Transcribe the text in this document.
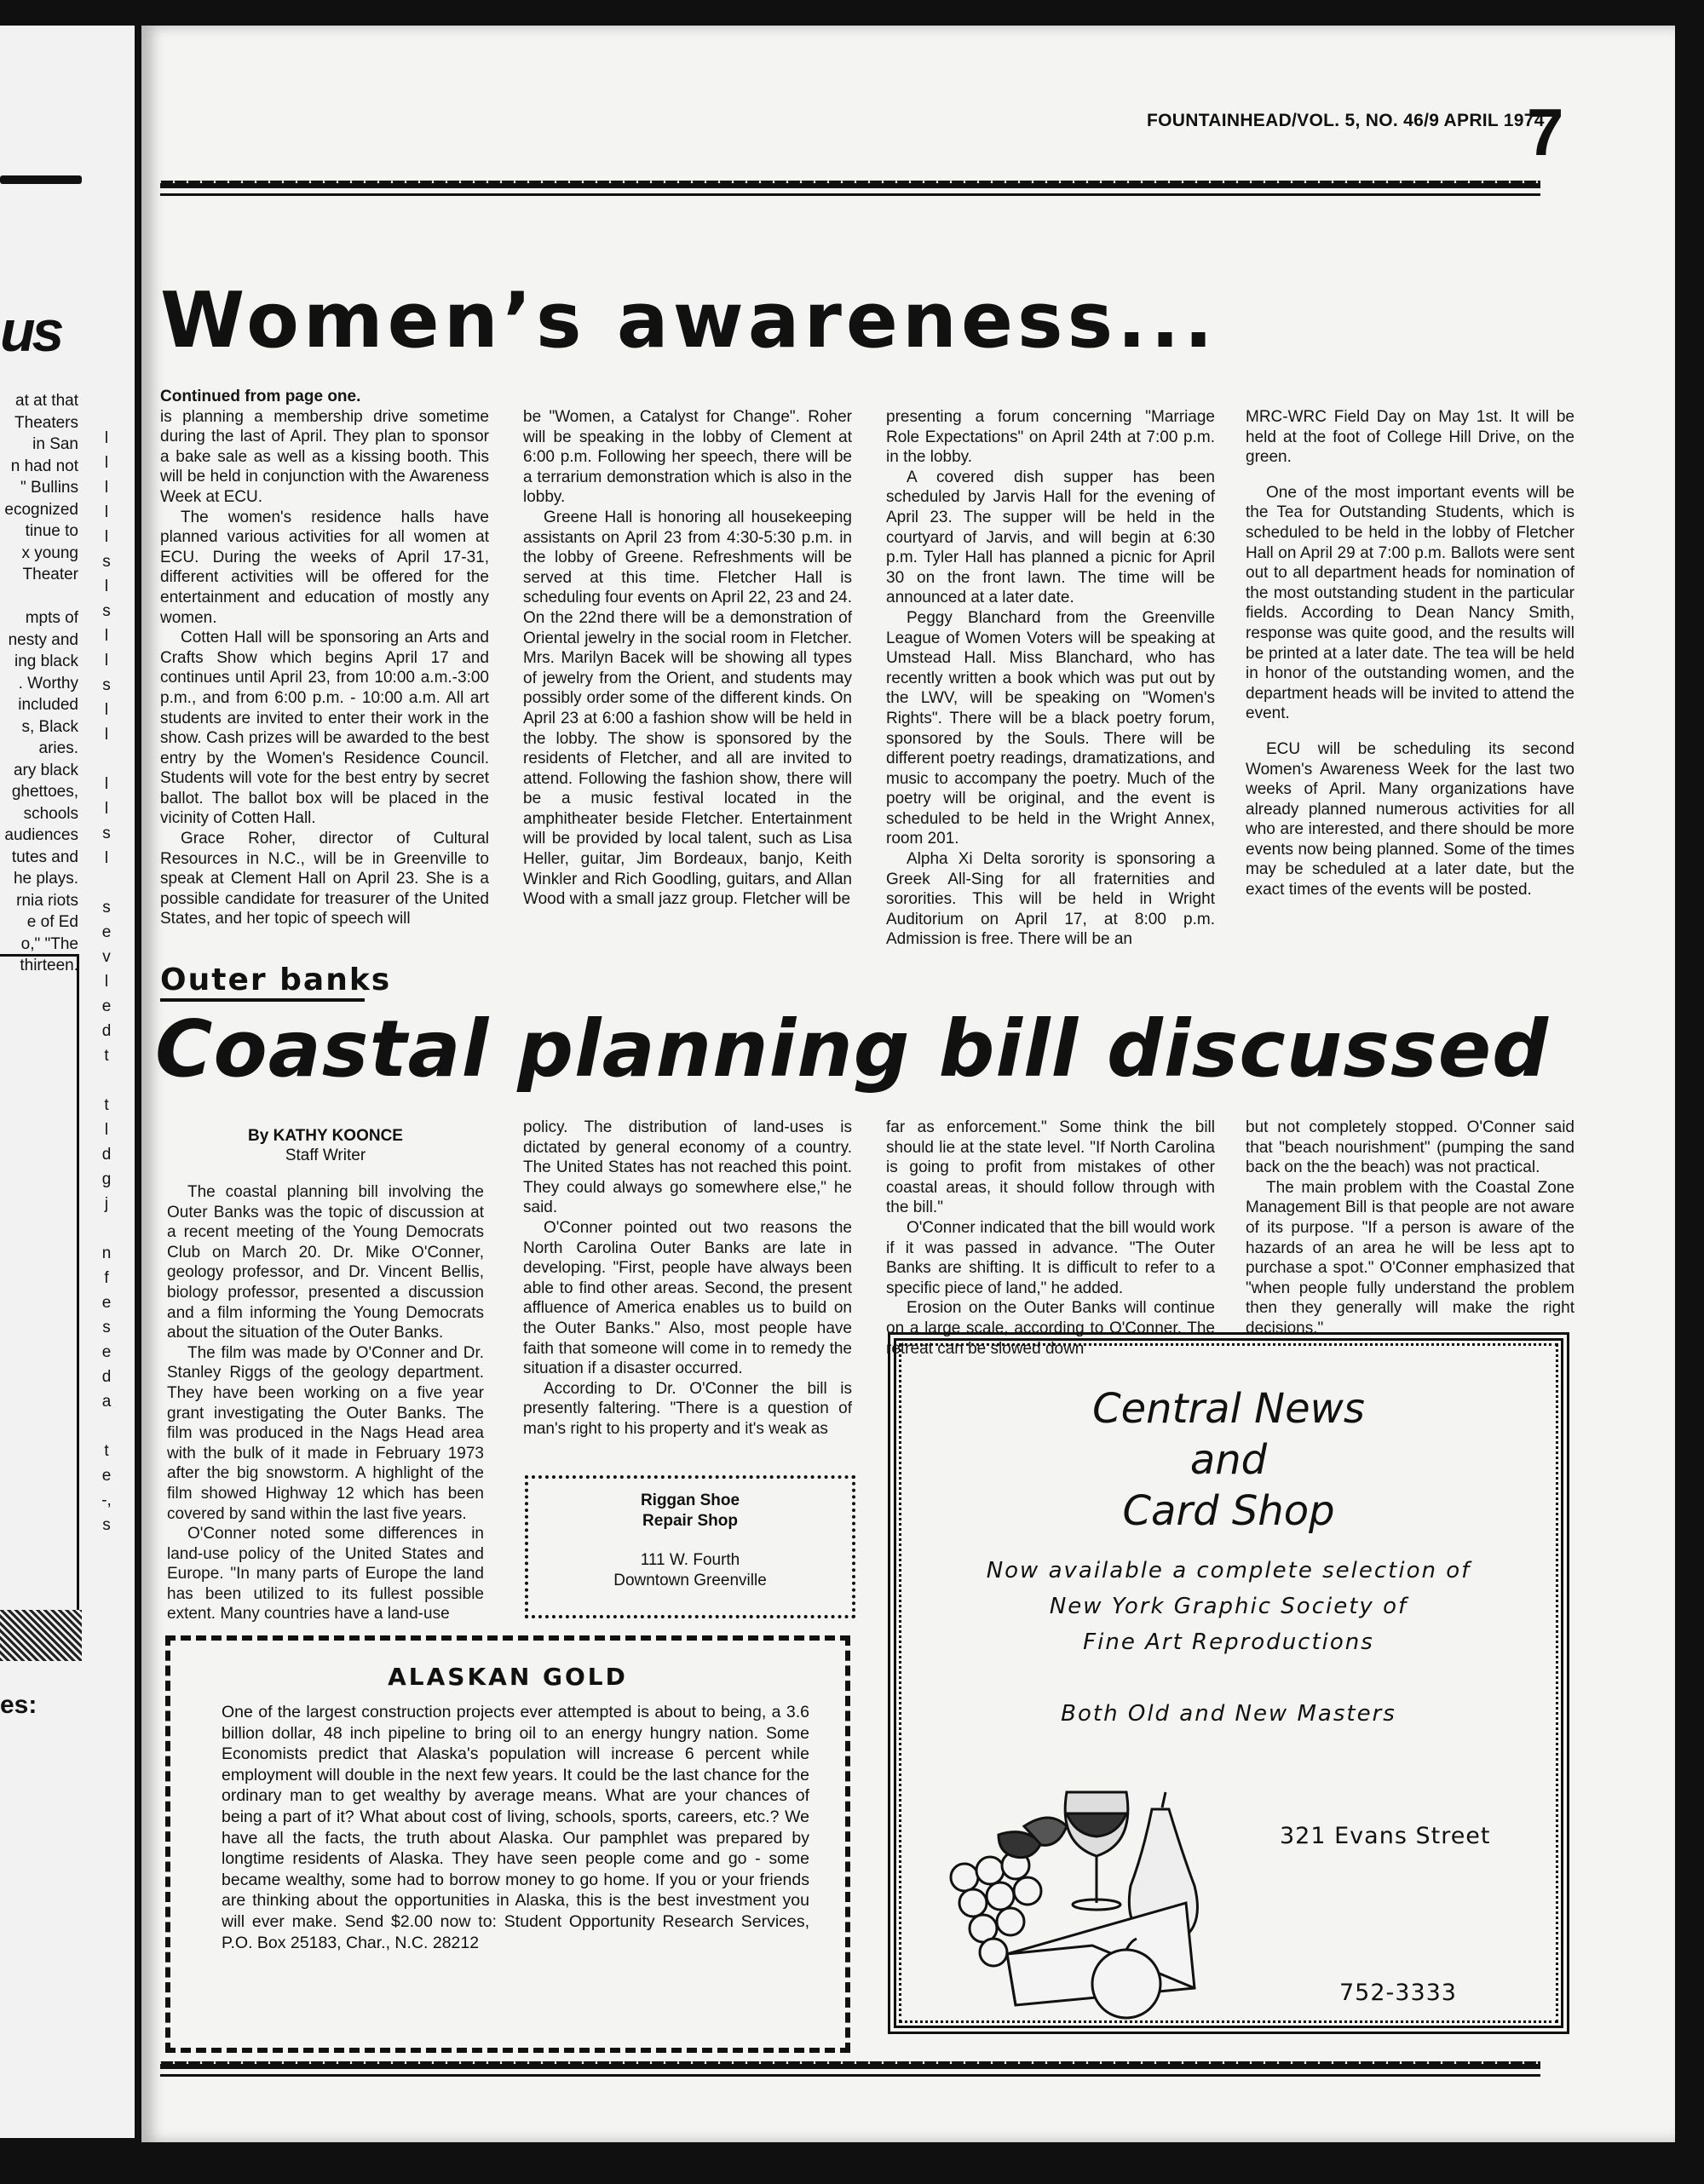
us
at at that
Theaters
in San
n had not
" Bullins
ecognized
tinue to
x young
Theater
mpts of
nesty and
ing black
. Worthy
included
s, Black
aries.
ary black
ghettoes,
schools
audiences
tutes and
he plays.
rnia riots
e of Ed
o," "The
thirteen.
l
l
l
l
l
s
l
s
l
l
s
l
l
l
l
s
l
s
e
v
l
e
d
t
t
l
d
g
j
n
f
e
s
e
d
a
t
e
-,
s
es:
FOUNTAINHEAD/VOL. 5, NO. 46/9 APRIL 1974
7
Women’s awareness...

Continued from page one.

is planning a membership drive sometime during the last of April. They plan to sponsor a bake sale as well as a kissing booth. This will be held in conjunction with the Awareness Week at ECU.

The women's residence halls have planned various activities for all women at ECU. During the weeks of April 17-31, different activities will be offered for the entertainment and education of mostly any women.

Cotten Hall will be sponsoring an Arts and Crafts Show which begins April 17 and continues until April 23, from 10:00 a.m.-3:00 p.m., and from 6:00 p.m. - 10:00 a.m. All art students are invited to enter their work in the show. Cash prizes will be awarded to the best entry by the Women's Residence Council. Students will vote for the best entry by secret ballot. The ballot box will be placed in the vicinity of Cotten Hall.

Grace Roher, director of Cultural Resources in N.C., will be in Greenville to speak at Clement Hall on April 23. She is a possible candidate for treasurer of the United States, and her topic of speech will

be "Women, a Catalyst for Change". Roher will be speaking in the lobby of Clement at 6:00 p.m. Following her speech, there will be a terrarium demonstration which is also in the lobby.

Greene Hall is honoring all housekeeping assistants on April 23 from 4:30-5:30 p.m. in the lobby of Greene. Refreshments will be served at this time. Fletcher Hall is scheduling four events on April 22, 23 and 24. On the 22nd there will be a demonstration of Oriental jewelry in the social room in Fletcher. Mrs. Marilyn Bacek will be showing all types of jewelry from the Orient, and students may possibly order some of the different kinds. On April 23 at 6:00 a fashion show will be held in the lobby. The show is sponsored by the residents of Fletcher, and all are invited to attend. Following the fashion show, there will be a music festival located in the amphitheater beside Fletcher. Entertainment will be provided by local talent, such as Lisa Heller, guitar, Jim Bordeaux, banjo, Keith Winkler and Rich Goodling, guitars, and Allan Wood with a small jazz group. Fletcher will be

presenting a forum concerning "Marriage Role Expectations" on April 24th at 7:00 p.m. in the lobby.

A covered dish supper has been scheduled by Jarvis Hall for the evening of April 23. The supper will be held in the courtyard of Jarvis, and will begin at 6:30 p.m. Tyler Hall has planned a picnic for April 30 on the front lawn. The time will be announced at a later date.

Peggy Blanchard from the Greenville League of Women Voters will be speaking at Umstead Hall. Miss Blanchard, who has recently written a book which was put out by the LWV, will be speaking on "Women's Rights". There will be a black poetry forum, sponsored by the Souls. There will be different poetry readings, dramatizations, and music to accompany the poetry. Much of the poetry will be original, and the event is scheduled to be held in the Wright Annex, room 201.

Alpha Xi Delta sorority is sponsoring a Greek All-Sing for all fraternities and sororities. This will be held in Wright Auditorium on April 17, at 8:00 p.m. Admission is free. There will be an

MRC-WRC Field Day on May 1st. It will be held at the foot of College Hill Drive, on the green.

One of the most important events will be the Tea for Outstanding Students, which is scheduled to be held in the lobby of Fletcher Hall on April 29 at 7:00 p.m. Ballots were sent out to all department heads for nomination of the most outstanding student in the particular fields. According to Dean Nancy Smith, response was quite good, and the results will be printed at a later date. The tea will be held in honor of the outstanding women, and the department heads will be invited to attend the event.

ECU will be scheduling its second Women's Awareness Week for the last two weeks of April. Many organizations have already planned numerous activities for all who are interested, and there should be more events now being planned. Some of the times may be scheduled at a later date, but the exact times of the events will be posted.

Outer banks
Coastal planning bill discussed
By KATHY KOONCE
Staff Writer

The coastal planning bill involving the Outer Banks was the topic of discussion at a recent meeting of the Young Democrats Club on March 20. Dr. Mike O'Conner, geology professor, and Dr. Vincent Bellis, biology professor, presented a discussion and a film informing the Young Democrats about the situation of the Outer Banks.

The film was made by O'Conner and Dr. Stanley Riggs of the geology department. They have been working on a five year grant investigating the Outer Banks. The film was produced in the Nags Head area with the bulk of it made in February 1973 after the big snowstorm. A highlight of the film showed Highway 12 which has been covered by sand within the last five years.

O'Conner noted some differences in land-use policy of the United States and Europe. "In many parts of Europe the land has been utilized to its fullest possible extent. Many countries have a land-use

policy. The distribution of land-uses is dictated by general economy of a country. The United States has not reached this point. They could always go somewhere else," he said.

O'Conner pointed out two reasons the North Carolina Outer Banks are late in developing. "First, people have always been able to find other areas. Second, the present affluence of America enables us to build on the Outer Banks." Also, most people have faith that someone will come in to remedy the situation if a disaster occurred.

According to Dr. O'Conner the bill is presently faltering. "There is a question of man's right to his property and it's weak as

far as enforcement." Some think the bill should lie at the state level. "If North Carolina is going to profit from mistakes of other coastal areas, it should follow through with the bill."

O'Conner indicated that the bill would work if it was passed in advance. "The Outer Banks are shifting. It is difficult to refer to a specific piece of land," he added.

Erosion on the Outer Banks will continue on a large scale, according to O'Conner. The retreat can be slowed down

but not completely stopped. O'Conner said that "beach nourishment" (pumping the sand back on the the beach) was not practical.

The main problem with the Coastal Zone Management Bill is that people are not aware of its purpose. "If a person is aware of the hazards of an area he will be less apt to purchase a spot." O'Conner emphasized that "when people fully understand the problem then they generally will make the right decisions."

Riggan Shoe
Repair Shop
111 W. Fourth
Downtown Greenville
ALASKAN GOLD
One of the largest construction projects ever attempted is about to being, a 3.6 billion dollar, 48 inch pipeline to bring oil to an energy hungry nation. Some Economists predict that Alaska's population will increase 6 percent while employment will double in the next few years. It could be the last chance for the ordinary man to get wealthy by average means. What are your chances of being a part of it? What about cost of living, schools, sports, careers, etc.? We have all the facts, the truth about Alaska. Our pamphlet was prepared by longtime residents of Alaska. They have seen people come and go - some became wealthy, some had to borrow money to go home. If you or your friends are thinking about the opportunities in Alaska, this is the best investment you will ever make. Send $2.00 now to: Student Opportunity Research Services, P.O. Box 25183, Char., N.C. 28212
Central News
and
Card Shop
Now available a complete selection of
New York Graphic Society of
Fine Art Reproductions
Both Old and New Masters
321 Evans Street
752-3333
